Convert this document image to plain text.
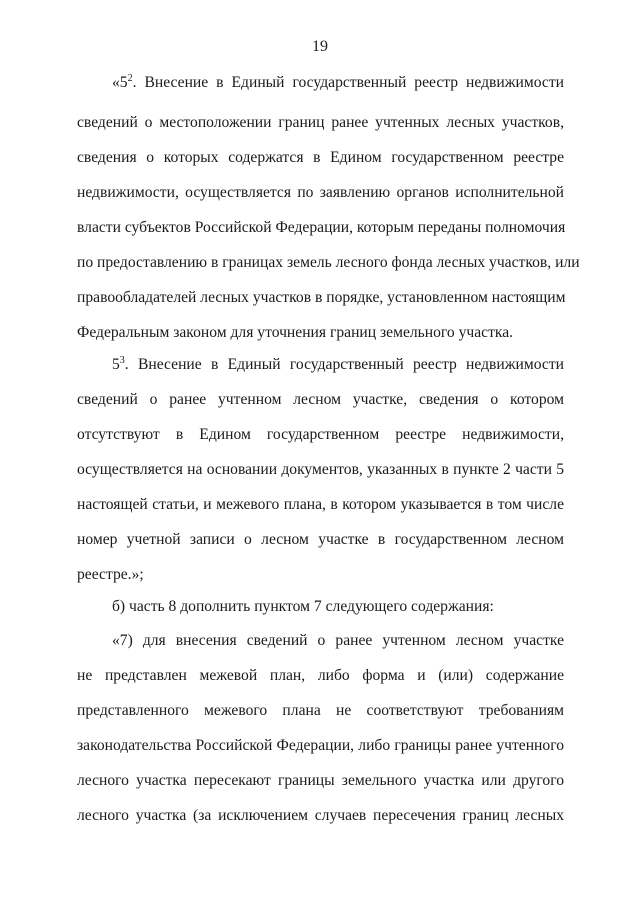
19
«$5^2$. Внесение в Единый государственный реестр недвижимости
сведений о местоположении границ ранее учтенных лесных участков,
сведения о которых содержатся в Едином государственном реестре
недвижимости, осуществляется по заявлению органов исполнительной
власти субъектов Российской Федерации, которым переданы полномочия
по предоставлению в границах земель лесного фонда лесных участков, или
правообладателей лесных участков в порядке, установленном настоящим
Федеральным законом для уточнения границ земельного участка.
$5^3$. Внесение в Единый государственный реестр недвижимости
сведений о ранее учтенном лесном участке, сведения о котором
отсутствуют в Едином государственном реестре недвижимости,
осуществляется на основании документов, указанных в пункте 2 части 5
настоящей статьи, и межевого плана, в котором указывается в том числе
номер учетной записи о лесном участке в государственном лесном
реестре.»;
б) часть 8 дополнить пунктом 7 следующего содержания:
«7) для внесения сведений о ранее учтенном лесном участке
не представлен межевой план, либо форма и (или) содержание
представленного межевого плана не соответствуют требованиям
законодательства Российской Федерации, либо границы ранее учтенного
лесного участка пересекают границы земельного участка или другого
лесного участка (за исключением случаев пересечения границ лесных
